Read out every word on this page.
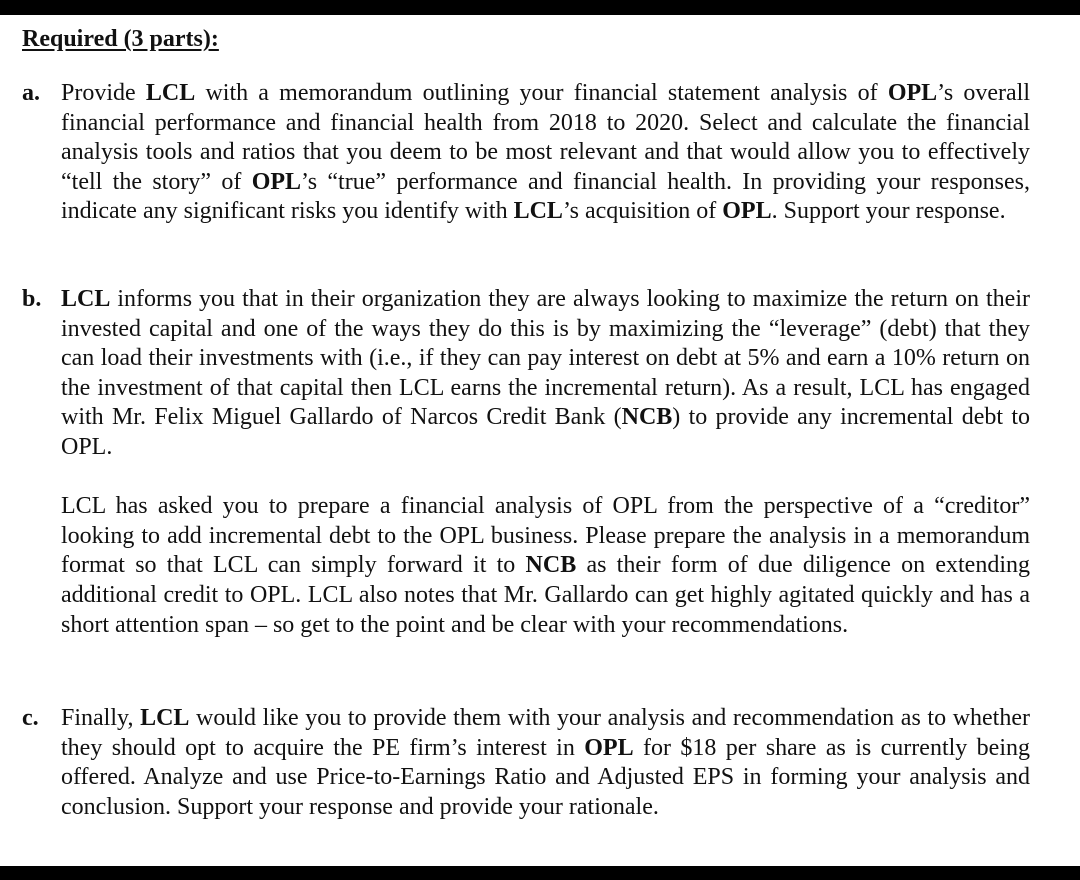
Required (3 parts):
a. Provide LCL with a memorandum outlining your financial statement analysis of OPL’s overall financial performance and financial health from 2018 to 2020. Select and calculate the financial analysis tools and ratios that you deem to be most relevant and that would allow you to effectively “tell the story” of OPL’s “true” performance and financial health. In providing your responses, indicate any significant risks you identify with LCL’s acquisition of OPL. Support your response.

b. LCL informs you that in their organization they are always looking to maximize the return on their invested capital and one of the ways they do this is by maximizing the “leverage” (debt) that they can load their investments with (i.e., if they can pay interest on debt at 5% and earn a 10% return on the investment of that capital then LCL earns the incremental return). As a result, LCL has engaged with Mr. Felix Miguel Gallardo of Narcos Credit Bank (NCB) to provide any incremental debt to OPL.

LCL has asked you to prepare a financial analysis of OPL from the perspective of a “creditor” looking to add incremental debt to the OPL business. Please prepare the analysis in a memorandum format so that LCL can simply forward it to NCB as their form of due diligence on extending additional credit to OPL. LCL also notes that Mr. Gallardo can get highly agitated quickly and has a short attention span – so get to the point and be clear with your recommendations.

c. Finally, LCL would like you to provide them with your analysis and recommendation as to whether they should opt to acquire the PE firm’s interest in OPL for $18 per share as is currently being offered. Analyze and use Price-to-Earnings Ratio and Adjusted EPS in forming your analysis and conclusion. Support your response and provide your rationale.
